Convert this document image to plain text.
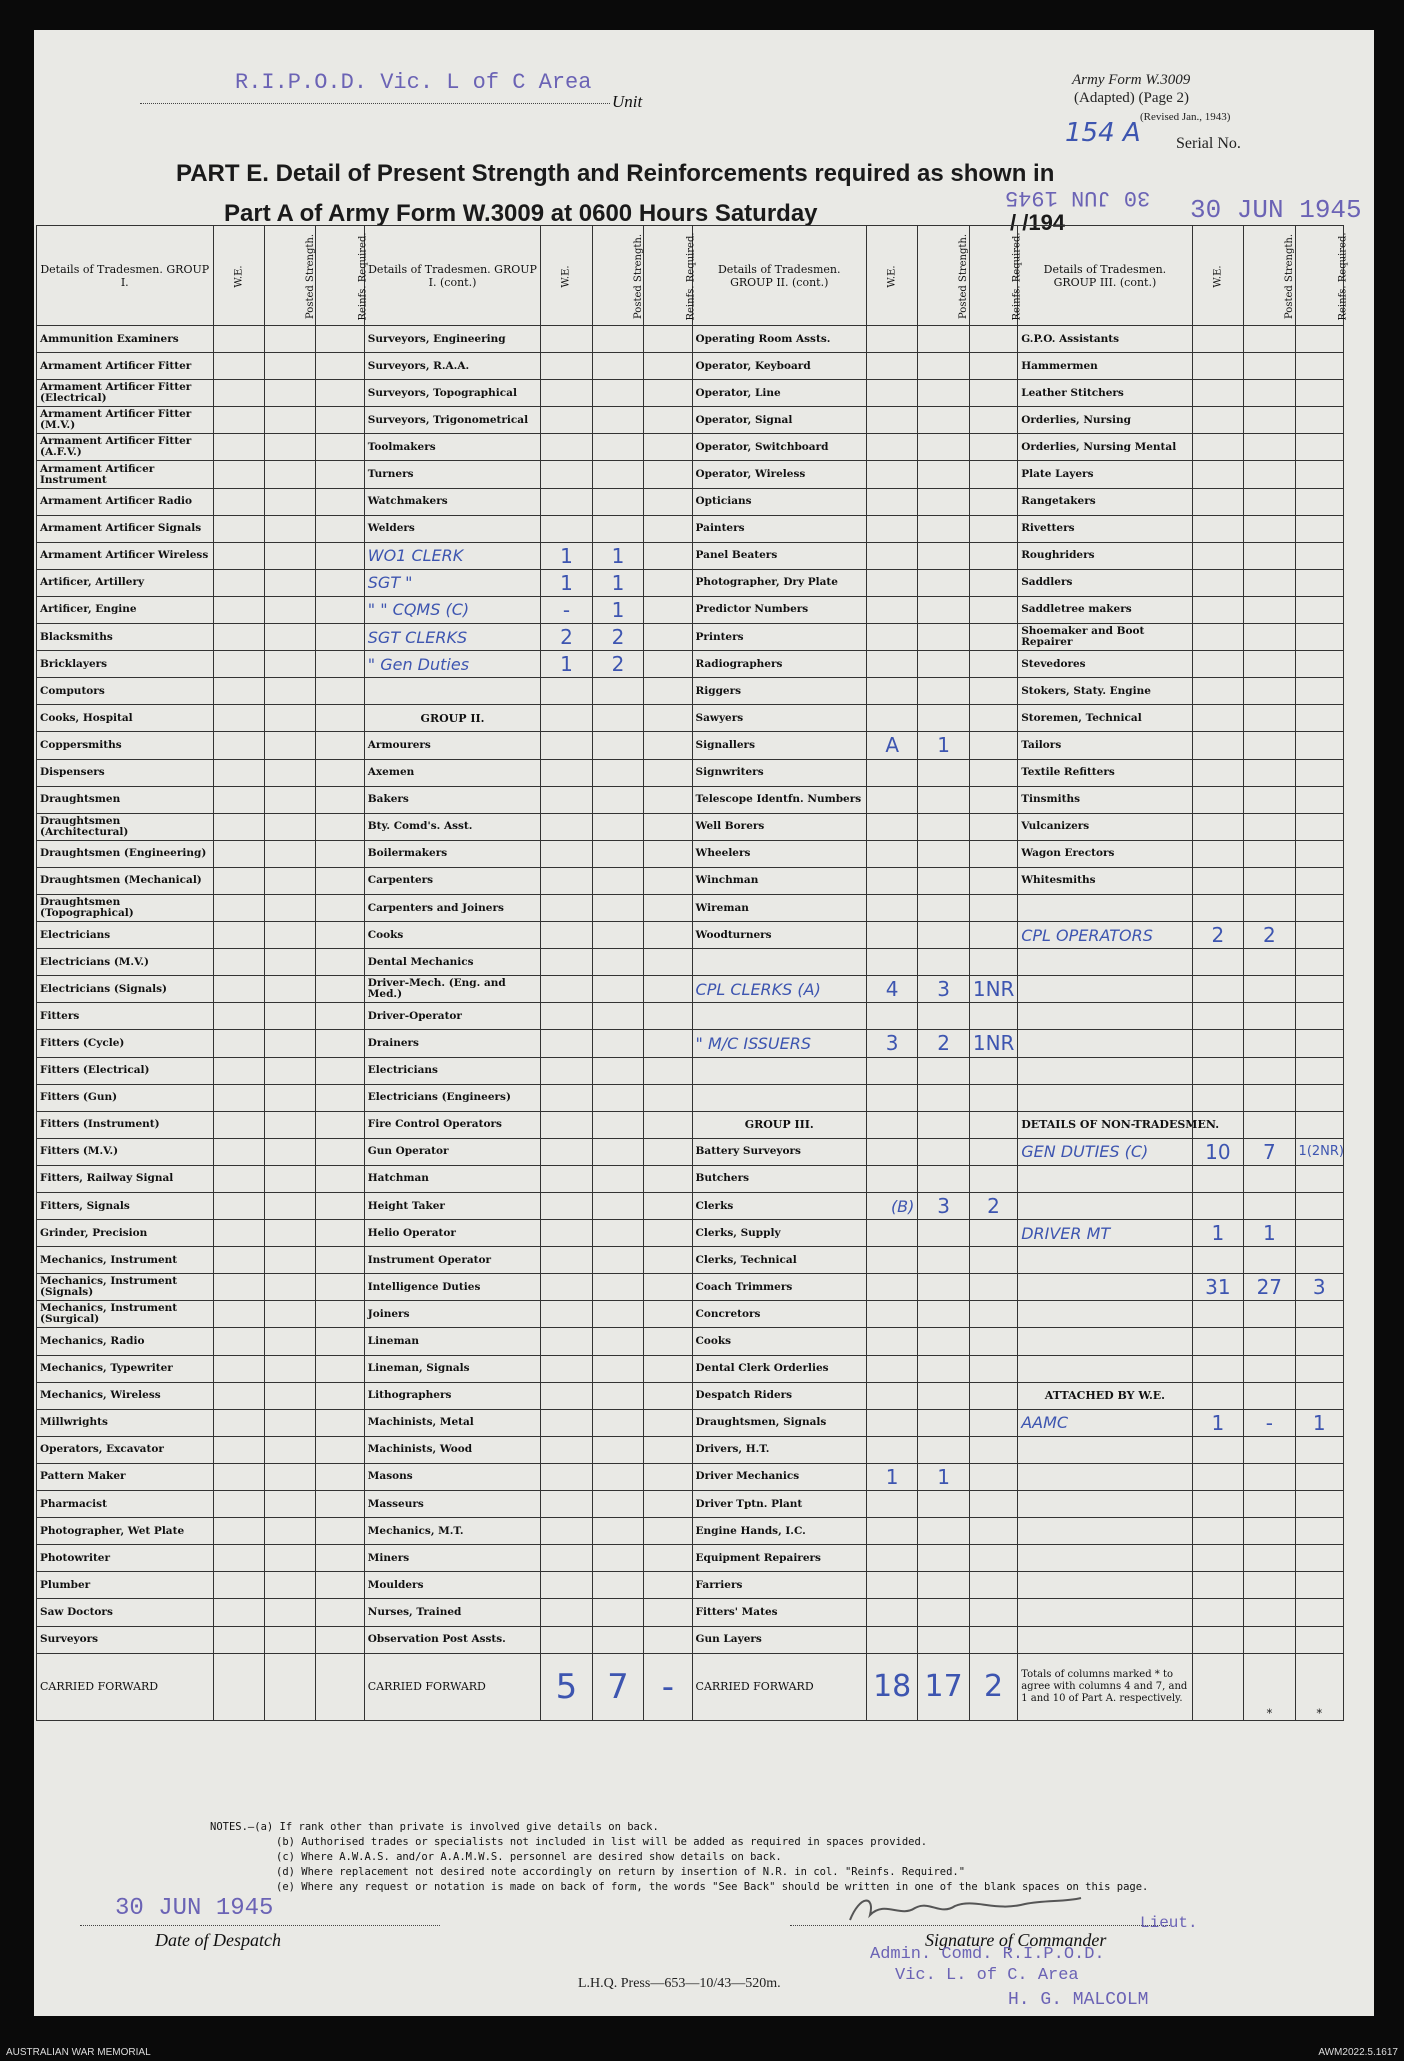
R.I.P.O.D. Vic. L of C Area
Unit
Army Form W.3009
(Adapted) (Page 2)
(Revised Jan., 1943)
154 A Serial No.
PART E. Detail of Present Strength and Reinforcements required as shown in
Part A of Army Form W.3009 at 0600 Hours Saturday	/ /194	30 JUN 1945
30 JUN 1945
Details of Tradesmen. GROUP I.	W.E.	Posted Strength.	Reinfs. Required.	Details of Tradesmen. GROUP I. (cont.)	W.E.	Posted Strength.	Reinfs. Required.	Details of Tradesmen. GROUP II. (cont.)	W.E.	Posted Strength.	Reinfs. Required.	Details of Tradesmen. GROUP III. (cont.)	W.E.	Posted Strength.	Reinfs. Required.
Ammunition Examiners				Surveyors, Engineering				Operating Room Assts.				G.P.O. Assistants			
Armament Artificer Fitter				Surveyors, R.A.A.				Operator, Keyboard				Hammermen			
Armament Artificer Fitter (Electrical)				Surveyors, Topographical				Operator, Line				Leather Stitchers			
Armament Artificer Fitter (M.V.)				Surveyors, Trigonometrical				Operator, Signal				Orderlies, Nursing			
Armament Artificer Fitter (A.F.V.)				Toolmakers				Operator, Switchboard				Orderlies, Nursing Mental			
Armament Artificer Instrument				Turners				Operator, Wireless				Plate Layers			
Armament Artificer Radio				Watchmakers				Opticians				Rangetakers			
Armament Artificer Signals				Welders				Painters				Rivetters			
Armament Artificer Wireless				WO1 CLERK	1	1		Panel Beaters				Roughriders			
Artificer, Artillery				SGT "	1	1		Photographer, Dry Plate				Saddlers			
Artificer, Engine				" " CQMS (C)	-	1		Predictor Numbers				Saddletree makers			
Blacksmiths				SGT CLERKS	2	2		Printers				Shoemaker and Boot Repairer			
Bricklayers				" Gen Duties	1	2		Radiographers				Stevedores			
Computors								Riggers				Stokers, Staty. Engine			
Cooks, Hospital				GROUP II.				Sawyers				Storemen, Technical			
Coppersmiths				Armourers				Signallers	A	1		Tailors			
Dispensers				Axemen				Signwriters				Textile Refitters			
Draughtsmen				Bakers				Telescope Identfn. Numbers				Tinsmiths			
Draughtsmen (Architectural)				Bty. Comd's. Asst.				Well Borers				Vulcanizers			
Draughtsmen (Engineering)				Boilermakers				Wheelers				Wagon Erectors			
Draughtsmen (Mechanical)				Carpenters				Winchman				Whitesmiths			
Draughtsmen (Topographical)				Carpenters and Joiners				Wireman							
Electricians				Cooks				Woodturners				CPL OPERATORS	2	2	
Electricians (M.V.)				Dental Mechanics											
Electricians (Signals)				Driver-Mech. (Eng. and Med.)				CPL CLERKS (A)	4	3	1NR				
Fitters				Driver-Operator											
Fitters (Cycle)				Drainers				" M/C ISSUERS	3	2	1NR				
Fitters (Electrical)				Electricians											
Fitters (Gun)				Electricians (Engineers)											
Fitters (Instrument)				Fire Control Operators				GROUP III.				DETAILS OF NON-TRADESMEN.			
Fitters (M.V.)				Gun Operator				Battery Surveyors				GEN DUTIES (C)	10	7	1(2NR)
Fitters, Railway Signal				Hatchman				Butchers							
Fitters, Signals				Height Taker				Clerks	(B)	3	2				
Grinder, Precision				Helio Operator				Clerks, Supply				DRIVER MT	1	1	
Mechanics, Instrument				Instrument Operator				Clerks, Technical							
Mechanics, Instrument (Signals)				Intelligence Duties				Coach Trimmers					31	27	3
Mechanics, Instrument (Surgical)				Joiners				Concretors							
Mechanics, Radio				Lineman				Cooks							
Mechanics, Typewriter				Lineman, Signals				Dental Clerk Orderlies							
Mechanics, Wireless				Lithographers				Despatch Riders				ATTACHED BY W.E.			
Millwrights				Machinists, Metal				Draughtsmen, Signals				AAMC	1	-	1
Operators, Excavator				Machinists, Wood				Drivers, H.T.							
Pattern Maker				Masons				Driver Mechanics	1	1					
Pharmacist				Masseurs				Driver Tptn. Plant							
Photographer, Wet Plate				Mechanics, M.T.				Engine Hands, I.C.							
Photowriter				Miners				Equipment Repairers							
Plumber				Moulders				Farriers							
Saw Doctors				Nurses, Trained				Fitters' Mates							
Surveyors				Observation Post Assts.				Gun Layers							
CARRIED FORWARD				CARRIED FORWARD	5	7	-	CARRIED FORWARD	18	17	2	Totals of columns marked * to agree with columns 4 and 7, and 1 and 10 of Part A. respectively.		*	*
NOTES.—(a) If rank other than private is involved give details on back.
(b) Authorised trades or specialists not included in list will be added as required in spaces provided.
(c) Where A.W.A.S. and/or A.A.M.W.S. personnel are desired show details on back.
(d) Where replacement not desired note accordingly on return by insertion of N.R. in col. "Reinfs. Required."
(e) Where any request or notation is made on back of form, the words "See Back" should be written in one of the blank spaces on this page.
30 JUN 1945
Date of Despatch	Signature of Commander
Lieut.
Admin. Comd. R.I.P.O.D.
Vic. L. of C. Area
H. G. MALCOLM
L.H.Q. Press—653—10/43—520m.
AUSTRALIAN WAR MEMORIAL	AWM2022.5.1617
